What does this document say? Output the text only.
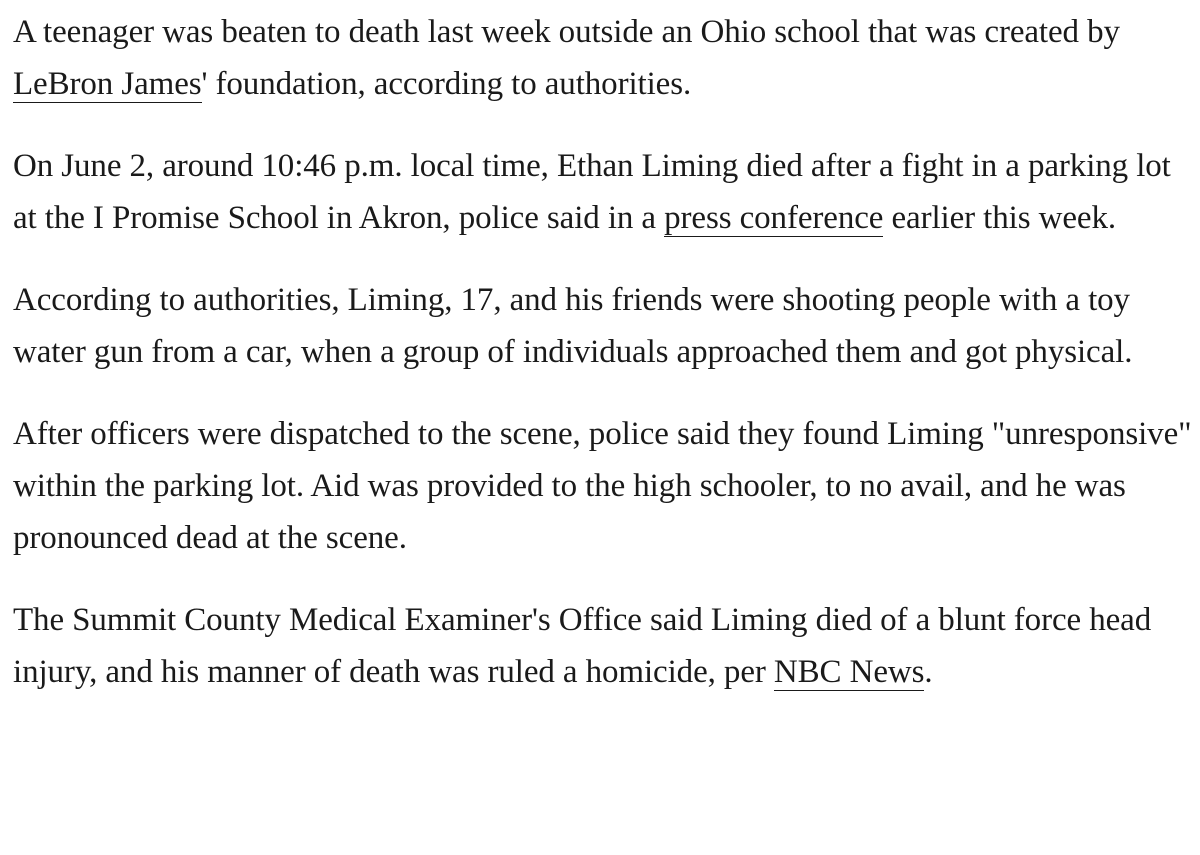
A teenager was beaten to death last week outside an Ohio school that was created by LeBron James' foundation, according to authorities.

On June 2, around 10:46 p.m. local time, Ethan Liming died after a fight in a parking lot at the I Promise School in Akron, police said in a press conference earlier this week.

According to authorities, Liming, 17, and his friends were shooting people with a toy water gun from a car, when a group of individuals approached them and got physical.

After officers were dispatched to the scene, police said they found Liming "unresponsive" within the parking lot. Aid was provided to the high schooler, to no avail, and he was pronounced dead at the scene.

The Summit County Medical Examiner's Office said Liming died of a blunt force head injury, and his manner of death was ruled a homicide, per NBC News.
